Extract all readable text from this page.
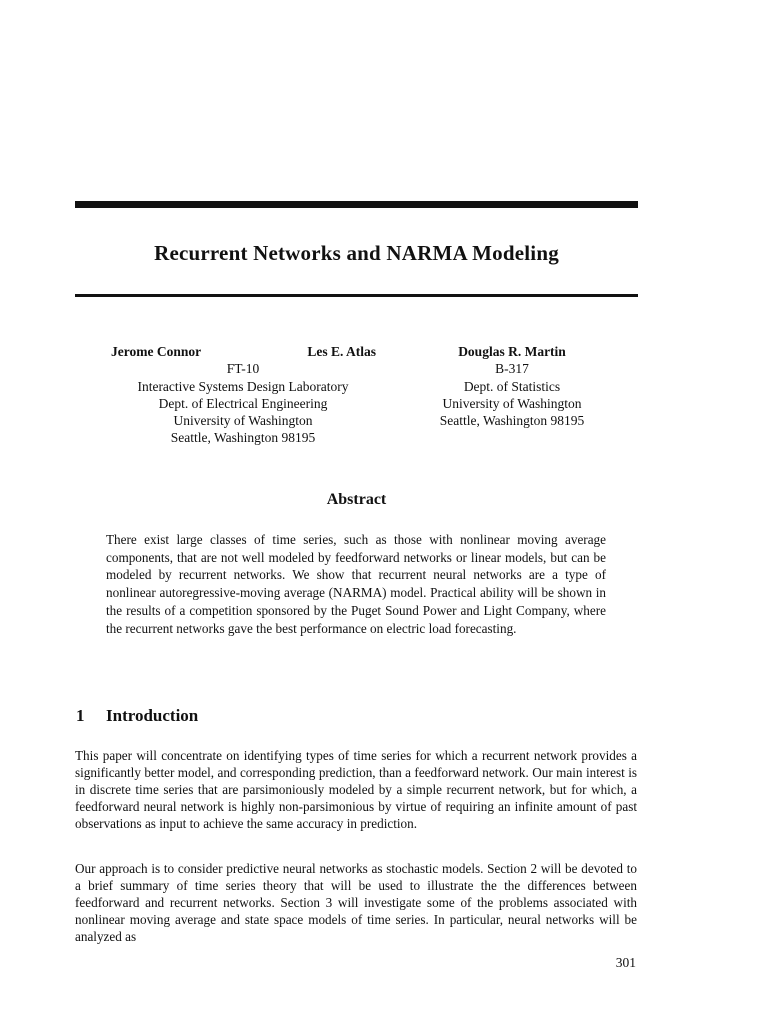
Recurrent Networks and NARMA Modeling
Jerome Connor	Les E. Atlas
FT-10
Interactive Systems Design Laboratory
Dept. of Electrical Engineering
University of Washington
Seattle, Washington 98195
Douglas R. Martin
B-317
Dept. of Statistics
University of Washington
Seattle, Washington 98195
Abstract
There exist large classes of time series, such as those with nonlinear moving average components, that are not well modeled by feedforward networks or linear models, but can be modeled by recurrent networks. We show that recurrent neural networks are a type of nonlinear autoregressive-moving average (NARMA) model. Practical ability will be shown in the results of a competition sponsored by the Puget Sound Power and Light Company, where the recurrent networks gave the best performance on electric load forecasting.
1 Introduction
This paper will concentrate on identifying types of time series for which a recurrent network provides a significantly better model, and corresponding prediction, than a feedforward network. Our main interest is in discrete time series that are parsimoniously modeled by a simple recurrent network, but for which, a feedforward neural network is highly non-parsimonious by virtue of requiring an infinite amount of past observations as input to achieve the same accuracy in prediction.
Our approach is to consider predictive neural networks as stochastic models. Section 2 will be devoted to a brief summary of time series theory that will be used to illustrate the the differences between feedforward and recurrent networks. Section 3 will investigate some of the problems associated with nonlinear moving average and state space models of time series. In particular, neural networks will be analyzed as
301
